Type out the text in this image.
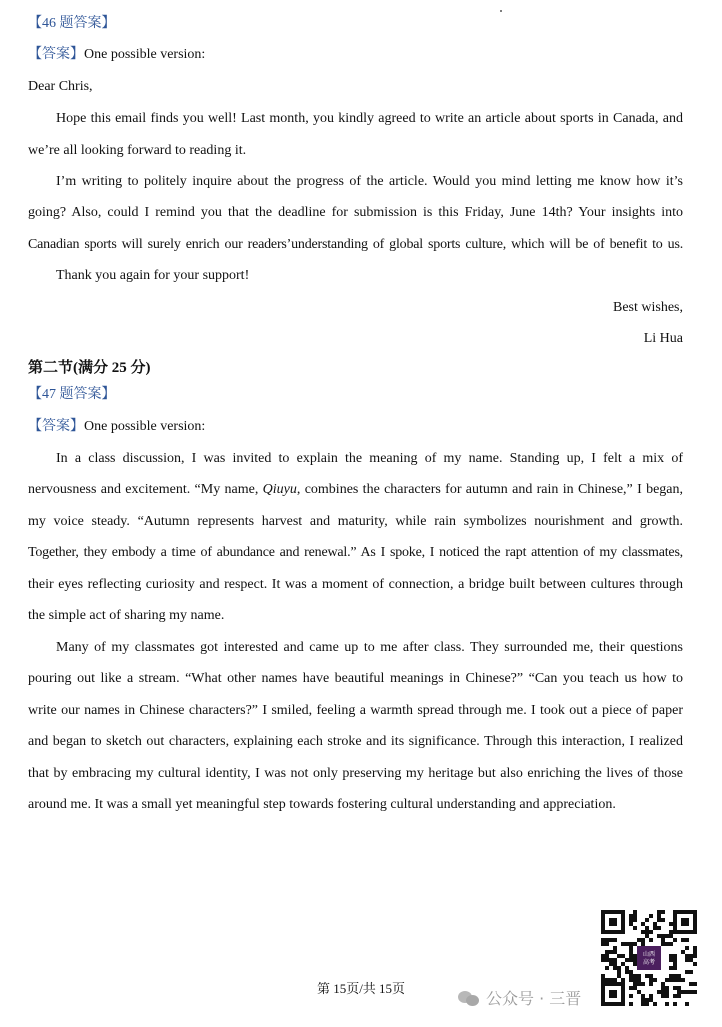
【46 题答案】
【答案】One possible version:
Dear Chris,
Hope this email finds you well! Last month, you kindly agreed to write an article about sports in Canada, and
we’re all looking forward to reading it.
I’m writing to politely inquire about the progress of the article. Would you mind letting me know how it’s
going? Also, could I remind you that the deadline for submission is this Friday, June 14th? Your insights into
Canadian sports will surely enrich our readers’understanding of global sports culture, which will be of benefit to us.
Thank you again for your support!
Best wishes,
Li Hua
第二节(满分 25 分)
【47 题答案】
【答案】One possible version:
In a class discussion, I was invited to explain the meaning of my name. Standing up, I felt a mix of
nervousness and excitement. “My name, Qiuyu, combines the characters for autumn and rain in Chinese,” I began,
my voice steady. “Autumn represents harvest and maturity, while rain symbolizes nourishment and growth.
Together, they embody a time of abundance and renewal.” As I spoke, I noticed the rapt attention of my classmates,
their eyes reflecting curiosity and respect. It was a moment of connection, a bridge built between cultures through
the simple act of sharing my name.
Many of my classmates got interested and came up to me after class. They surrounded me, their questions
pouring out like a stream. “What other names have beautiful meanings in Chinese?” “Can you teach us how to
write our names in Chinese characters?” I smiled, feeling a warmth spread through me. I took out a piece of paper
and began to sketch out characters, explaining each stroke and its significance. Through this interaction, I realized
that by embracing my cultural identity, I was not only preserving my heritage but also enriching the lives of those
around me. It was a small yet meaningful step towards fostering cultural understanding and appreciation.
第 15页/共 15页
公众号 · 三晋
山西
高考
